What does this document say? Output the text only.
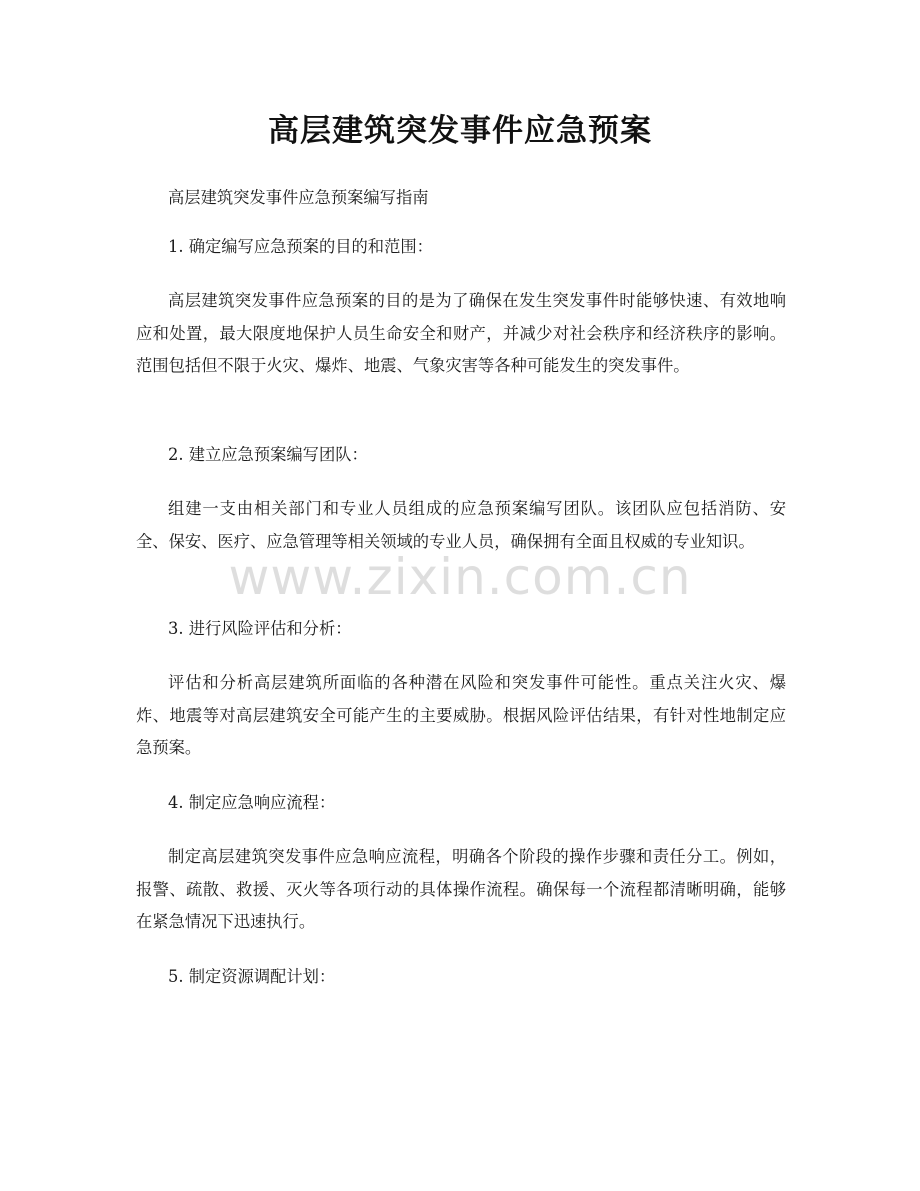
高层建筑突发事件应急预案

高层建筑突发事件应急预案编写指南

1. 确定编写应急预案的目的和范围：

高层建筑突发事件应急预案的目的是为了确保在发生突发事件时能够快速、有效地响应和处置，最大限度地保护人员生命安全和财产，并减少对社会秩序和经济秩序的影响。范围包括但不限于火灾、爆炸、地震、气象灾害等各种可能发生的突发事件。

2. 建立应急预案编写团队：

组建一支由相关部门和专业人员组成的应急预案编写团队。该团队应包括消防、安全、保安、医疗、应急管理等相关领域的专业人员，确保拥有全面且权威的专业知识。

3. 进行风险评估和分析：

评估和分析高层建筑所面临的各种潜在风险和突发事件可能性。重点关注火灾、爆炸、地震等对高层建筑安全可能产生的主要威胁。根据风险评估结果，有针对性地制定应急预案。

4. 制定应急响应流程：

制定高层建筑突发事件应急响应流程，明确各个阶段的操作步骤和责任分工。例如，报警、疏散、救援、灭火等各项行动的具体操作流程。确保每一个流程都清晰明确，能够在紧急情况下迅速执行。

5. 制定资源调配计划：

www.zixin.com.cn
